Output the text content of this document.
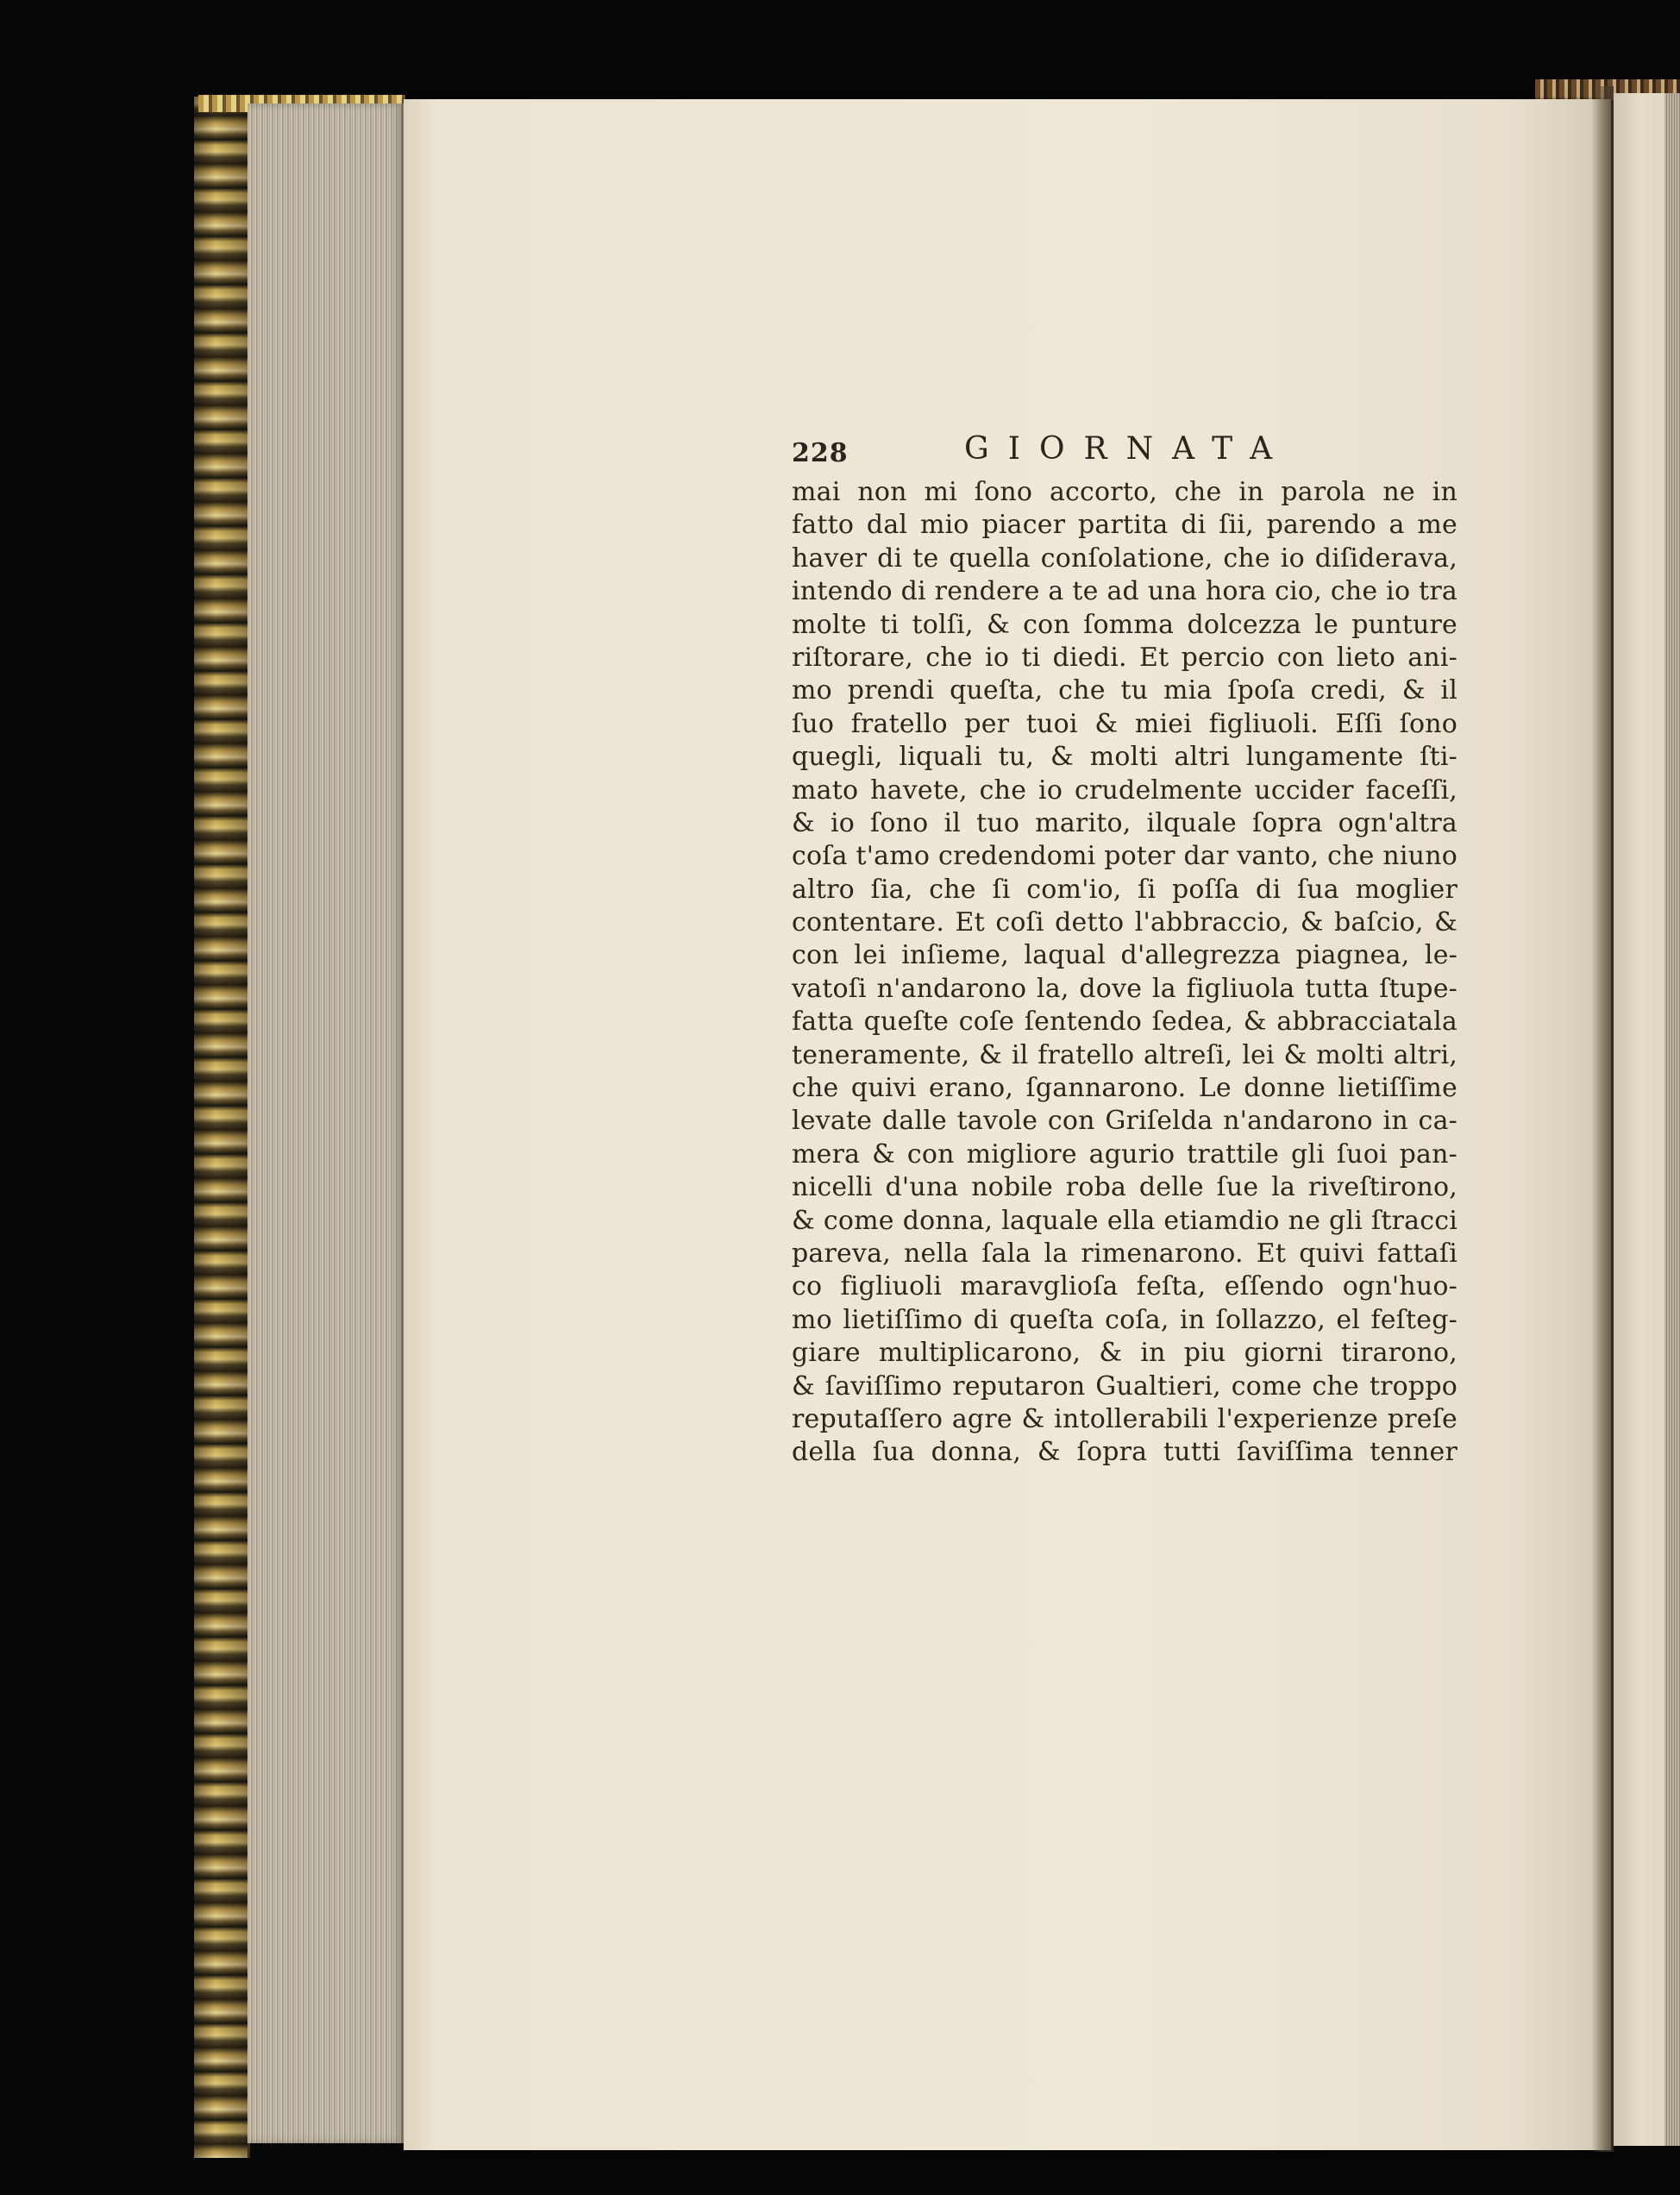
228	GIORNATA
mai non mi ſono accorto, che in parola ne in
fatto dal mio piacer partita di ſii, parendo a me
haver di te quella conſolatione, che io diſiderava,
intendo di rendere a te ad una hora cio, che io tra
molte ti tolſi, & con ſomma dolcezza le punture
riſtorare, che io ti diedi. Et percio con lieto ani-
mo prendi queſta, che tu mia ſpoſa credi, & il
ſuo fratello per tuoi & miei figliuoli. Eſſi ſono
quegli, liquali tu, & molti altri lungamente ſti-
mato havete, che io crudelmente uccider faceſſi,
& io ſono il tuo marito, ilquale ſopra ogn'altra
coſa t'amo credendomi poter dar vanto, che niuno
altro ſia, che ſi com'io, ſi poſſa di ſua moglier
contentare. Et coſi detto l'abbraccio, & baſcio, &
con lei inſieme, laqual d'allegrezza piagnea, le-
vatoſi n'andarono la, dove la figliuola tutta ſtupe-
fatta queſte coſe ſentendo ſedea, & abbracciatala
teneramente, & il fratello altreſi, lei & molti altri,
che quivi erano, ſgannarono. Le donne lietiſſime
levate dalle tavole con Griſelda n'andarono in ca-
mera & con migliore agurio trattile gli ſuoi pan-
nicelli d'una nobile roba delle ſue la riveſtirono,
& come donna, laquale ella etiamdio ne gli ſtracci
pareva, nella ſala la rimenarono. Et quivi fattaſi
co figliuoli maravglioſa feſta, eſſendo ogn'huo-
mo lietiſſimo di queſta coſa, in ſollazzo, el feſteg-
giare multiplicarono, & in piu giorni tirarono,
& ſaviſſimo reputaron Gualtieri, come che troppo
reputaſſero agre & intollerabili l'experienze preſe
della ſua donna, & ſopra tutti ſaviſſima tenner
